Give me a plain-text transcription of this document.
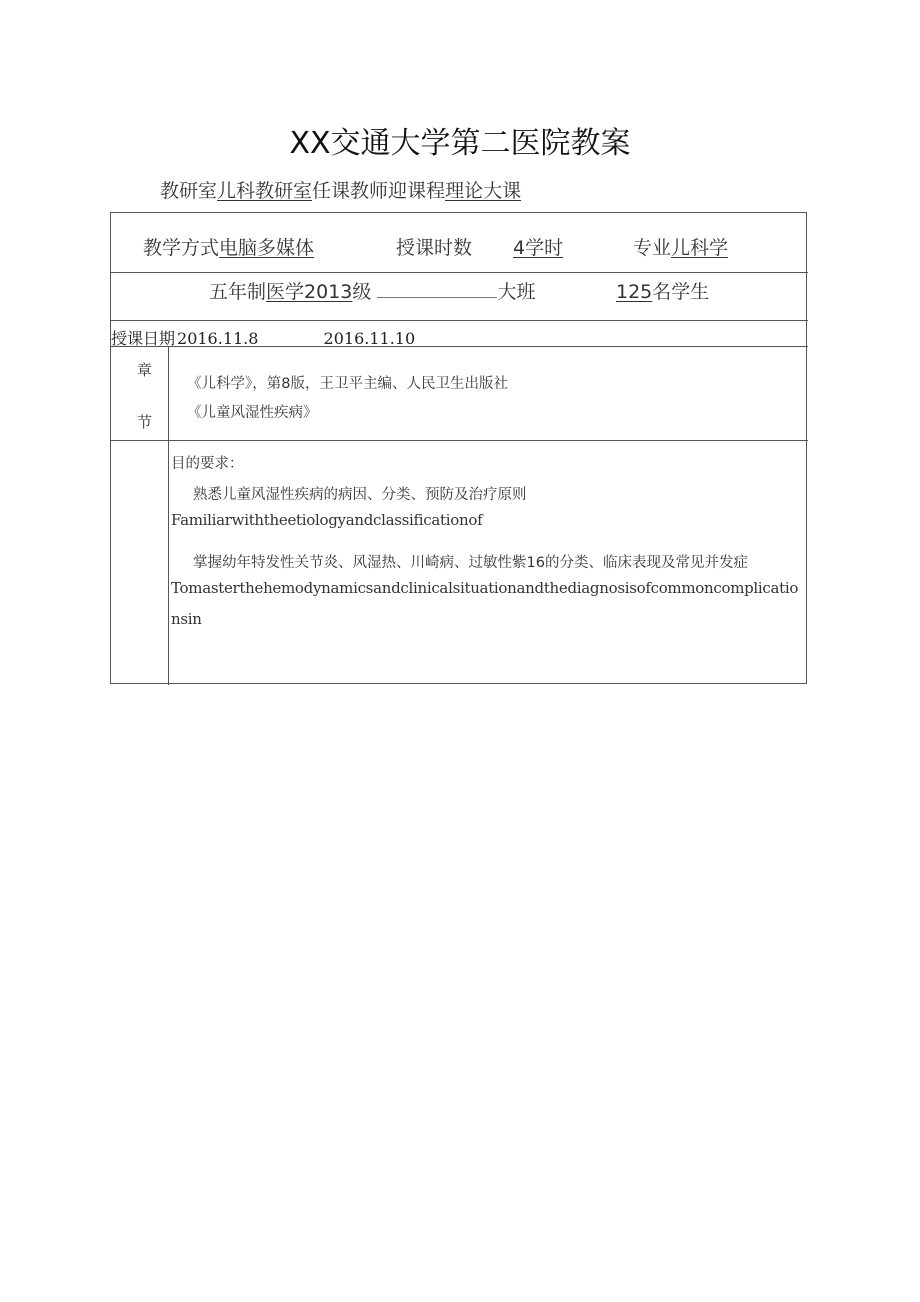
XX交通大学第二医院教案
教研室儿科教研室任课教师迎课程理论大课
教学方式电脑多媒体	授课时数 4学时	专业儿科学
五年制医学2013级	大班	125名学生
授课日期 2016.11.8	2016.11.10
章
节
《儿科学》，第8版，王卫平主编、人民卫生出版社
《儿童风湿性疾病》
目的要求：
熟悉儿童风湿性疾病的病因、分类、预防及治疗原则
Familiarwiththeetiologyandclassificationof
掌握幼年特发性关节炎、风湿热、川崎病、过敏性紫16的分类、临床表现及常见并发症
Tomasterthehemodynamicsandclinicalsituationandthediagnosisofcommoncomplicatio
nsin
